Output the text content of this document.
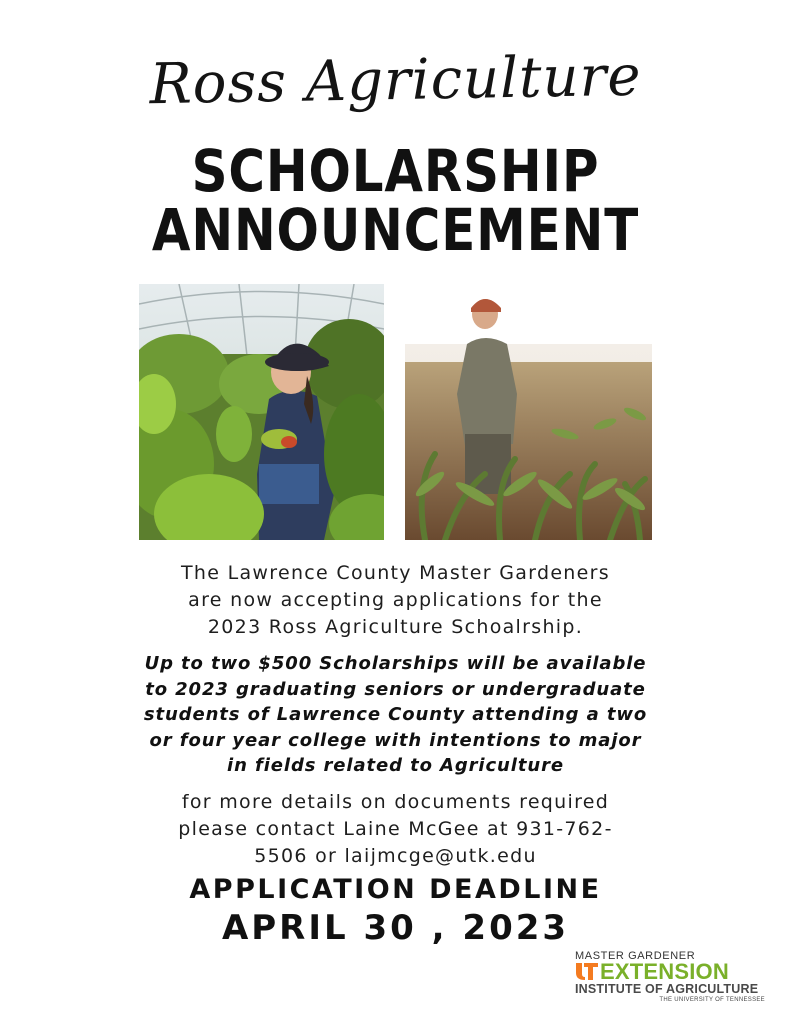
Ross Agriculture
SCHOLARSHIP
ANNOUNCEMENT
The Lawrence County Master Gardeners
are now accepting applications for the
2023 Ross Agriculture Schoalrship.
Up to two $500 Scholarships will be available
to 2023 graduating seniors or undergraduate
students of Lawrence County attending a two
or four year college with intentions to major
in fields related to Agriculture
for more details on documents required
please contact Laine McGee at 931-762-
5506 or laijmcge@utk.edu
APPLICATION DEADLINE
APRIL 30 , 2023
MASTER GARDENER
EXTENSION
INSTITUTE OF AGRICULTURE
THE UNIVERSITY OF TENNESSEE
